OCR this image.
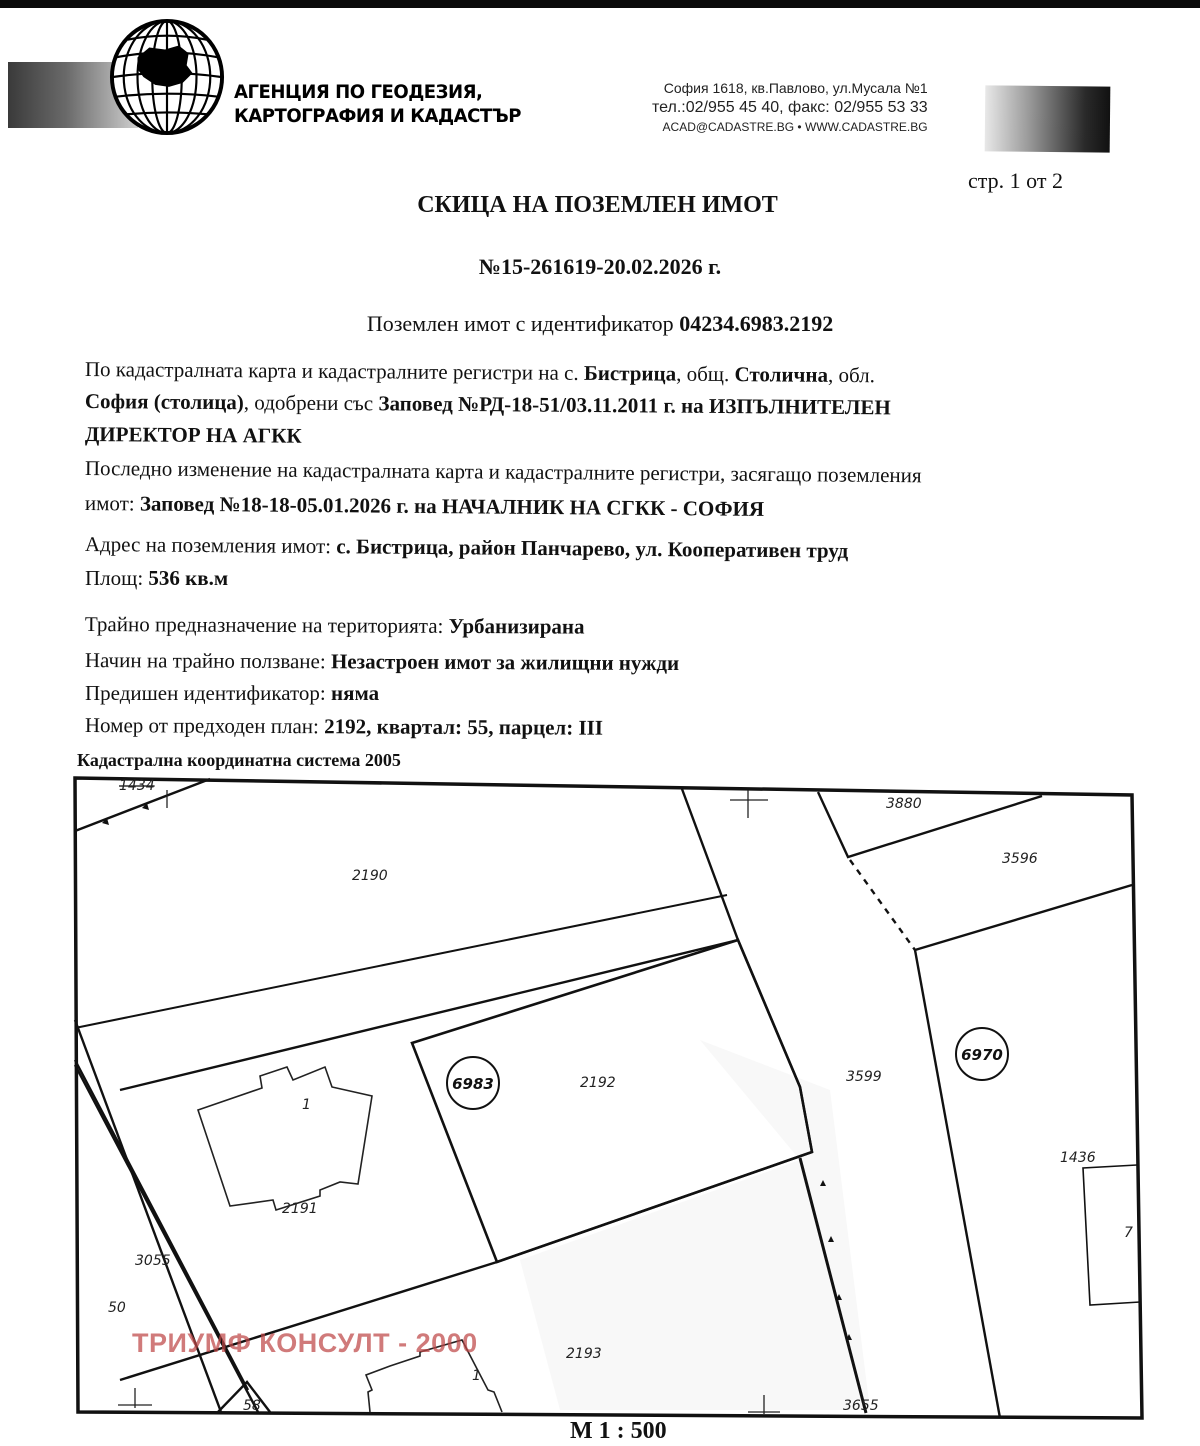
АГЕНЦИЯ ПО ГЕОДЕЗИЯ,
КАРТОГРАФИЯ И КАДАСТЪР
София 1618, кв.Павлово, ул.Мусала №1
тел.:02/955 45 40, факс: 02/955 53 33
ACAD@CADASTRE.BG • WWW.CADASTRE.BG
стр. 1 от 2
СКИЦА НА ПОЗЕМЛЕН ИМОТ
№15-261619-20.02.2026 г.
Поземлен имот с идентификатор 04234.6983.2192
По кадастралната карта и кадастралните регистри на с. Бистрица, общ. Столична, обл.
София (столица), одобрени със Заповед №РД-18-51/03.11.2011 г. на ИЗПЪЛНИТЕЛЕН
ДИРЕКТОР НА АГКК
Последно изменение на кадастралната карта и кадастралните регистри, засягащо поземления
имот: Заповед №18-18-05.01.2026 г. на НАЧАЛНИК НА СГКК - СОФИЯ
Адрес на поземления имот: с. Бистрица, район Панчарево, ул. Кооперативен труд
Площ: 536 кв.м
Трайно предназначение на територията: Урбанизирана
Начин на трайно ползване: Незастроен имот за жилищни нужди
Предишен идентификатор: няма
Номер от предходен план: 2192, квартал: 55, парцел: III
Кадастрална координатна система 2005
6983
6970
1434
2190
3880
3596
2192	3599
2191
1
1436
7
3055
50
2193
1
58	3655
ТРИУМФ КОНСУЛТ - 2000
М 1 : 500
